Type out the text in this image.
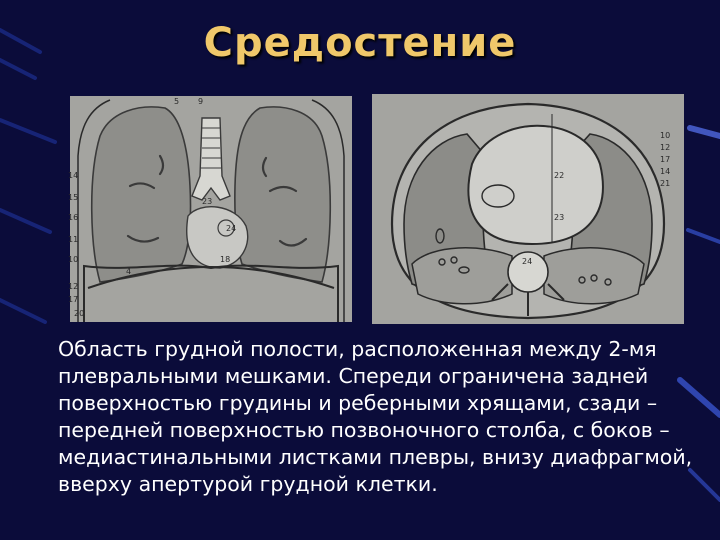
Средостение
5 9
14
15
16
17
12
20
23
24
18
11
10
4
10
12
17
14
21
22
23
24

Область грудной полости, расположенная между 2-мя плевральными мешками. Спереди ограничена задней поверхностью грудины и реберными хрящами, сзади – передней поверхностью позвоночного столба, с боков – медиастинальными листками плевры, внизу диафрагмой, вверху апертурой грудной клетки.
